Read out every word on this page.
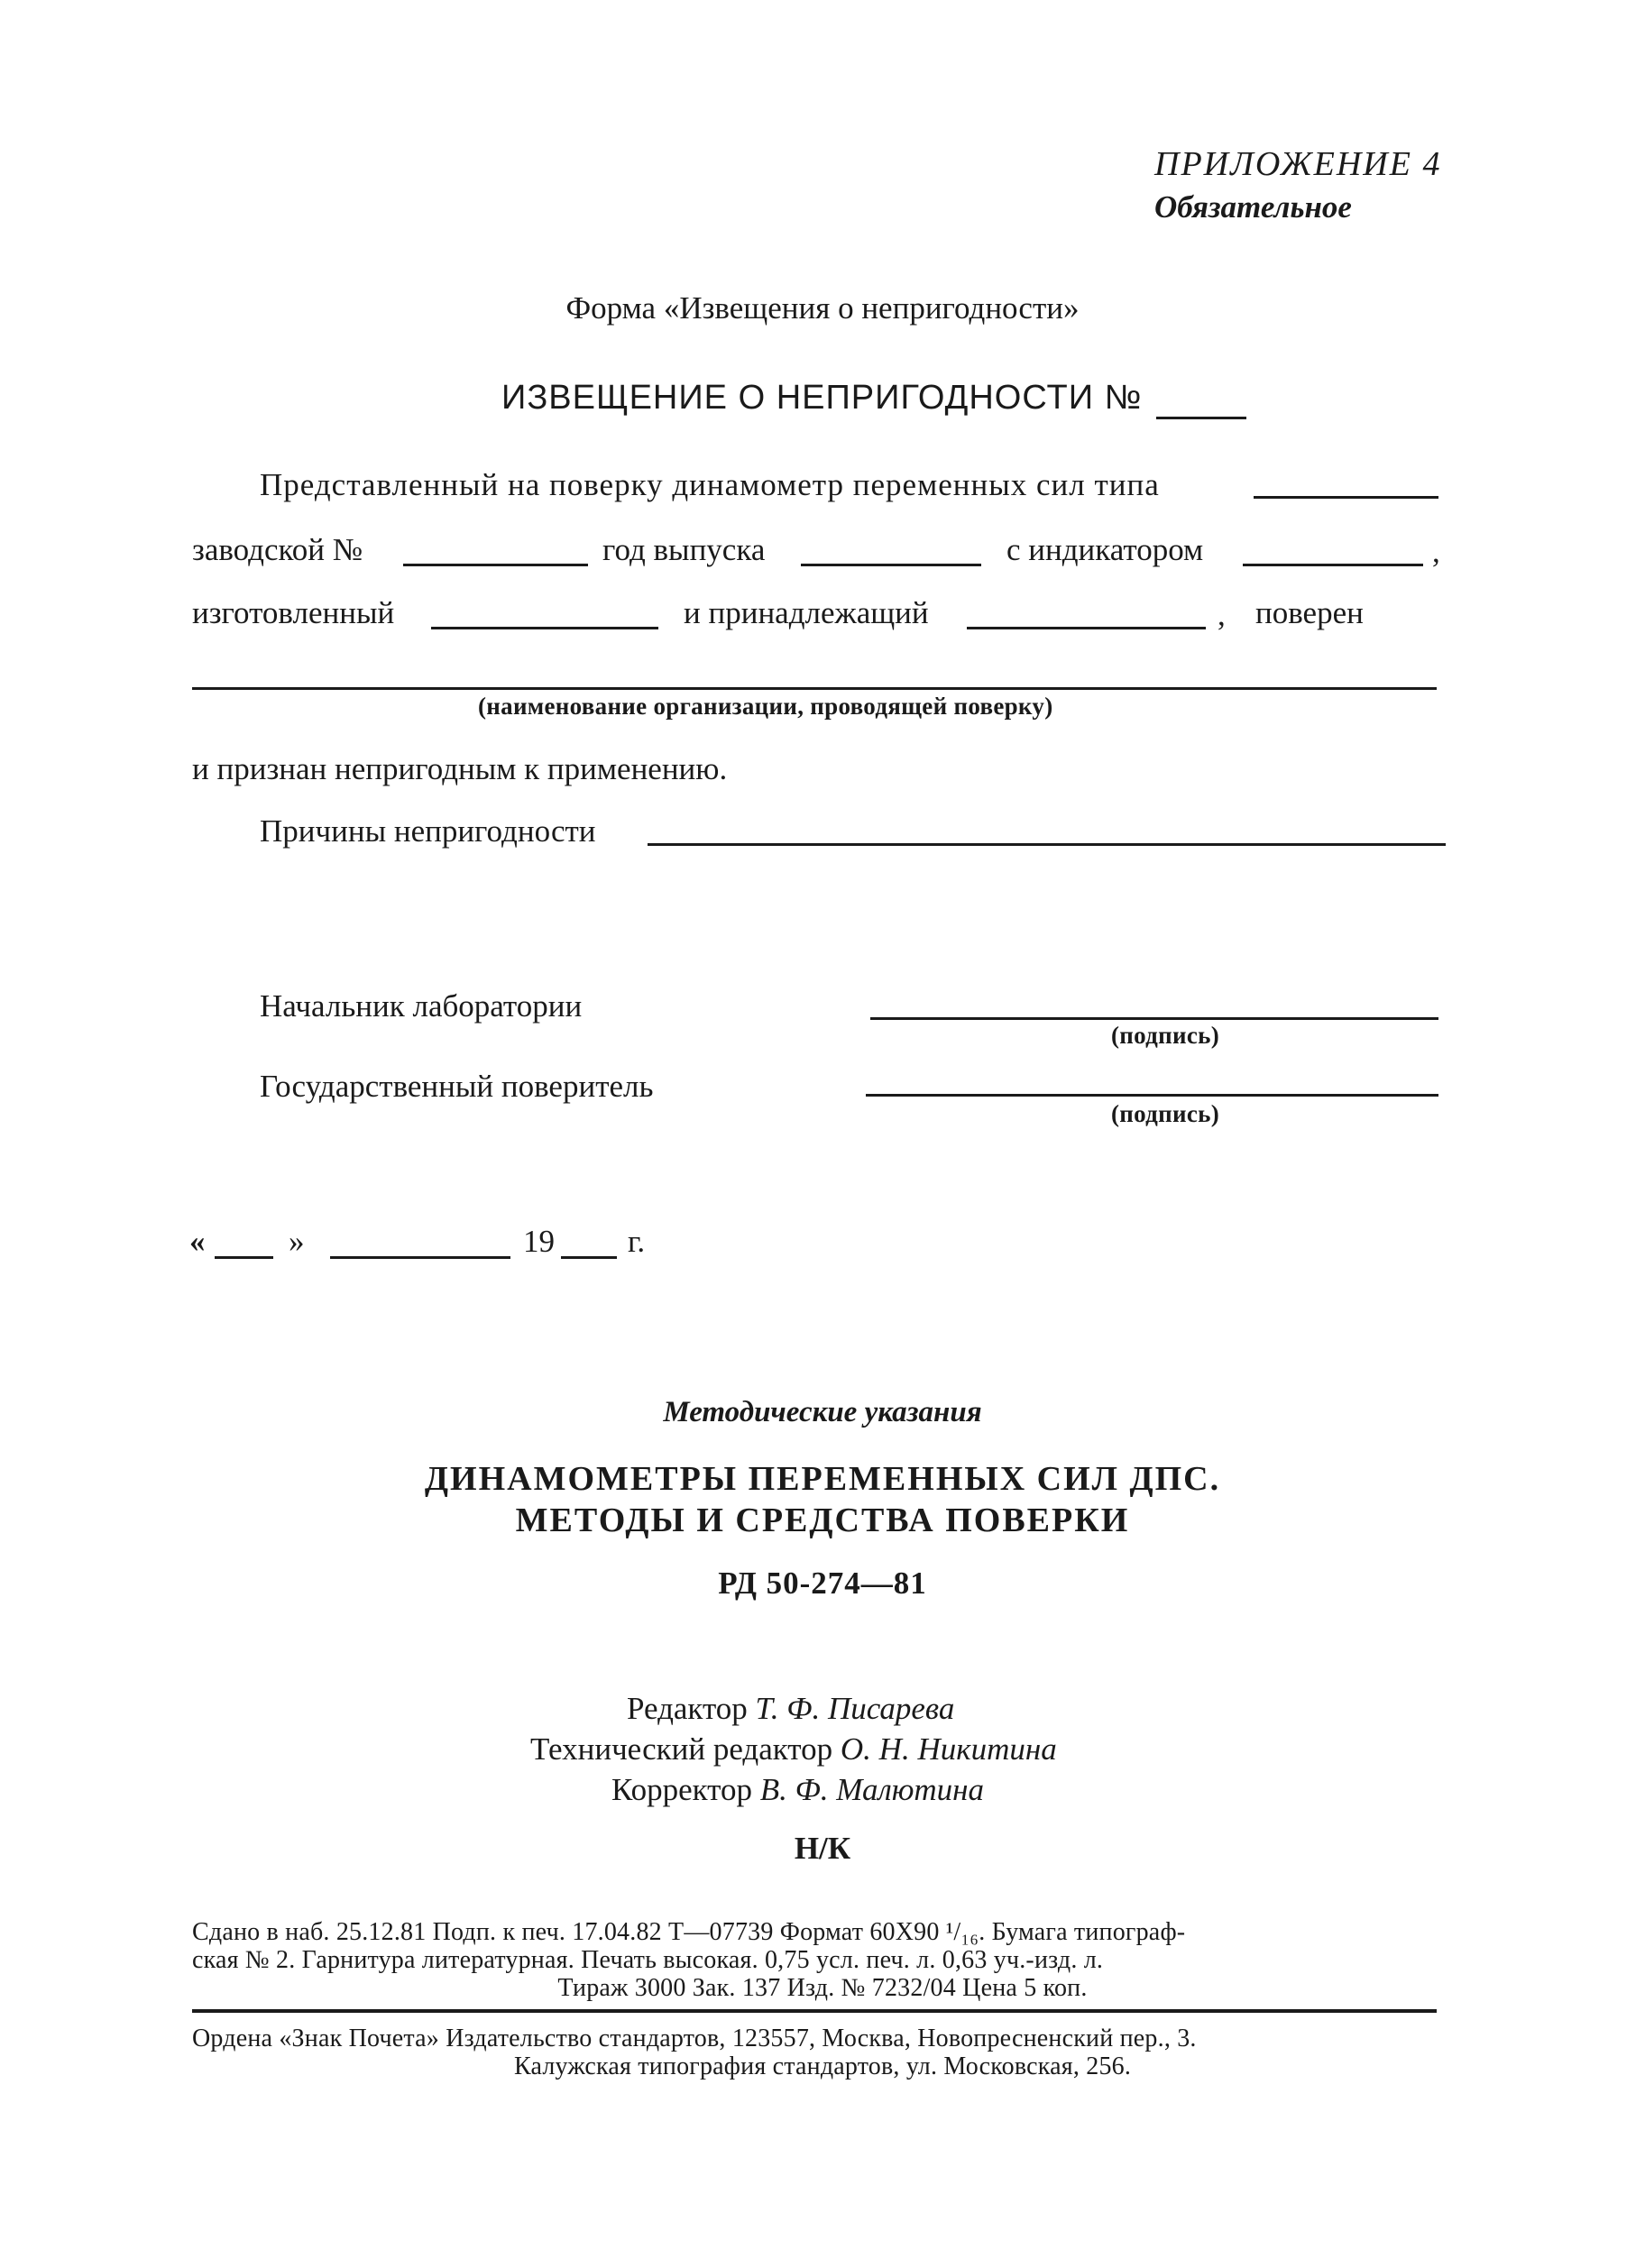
ПРИЛОЖЕНИЕ 4
Обязательное
Форма «Извещения о непригодности»
ИЗВЕЩЕНИЕ О НЕПРИГОДНОСТИ №
Представленный на поверку динамометр переменных сил типа
заводской №	год выпуска	с индикатором	,
изготовленный	и принадлежащий	, поверен
(наименование организации, проводящей поверку)
и признан непригодным к применению.
Причины непригодности
Начальник лаборатории
(подпись)
Государственный поверитель
(подпись)
«	»	19 г.
Методические указания
ДИНАМОМЕТРЫ ПЕРЕМЕННЫХ СИЛ ДПС.
МЕТОДЫ И СРЕДСТВА ПОВЕРКИ
РД 50-274—81
Редактор Т. Ф. Писарева
Технический редактор О. Н. Никитина
Корректор В. Ф. Малютина
Н/К
Сдано в наб. 25.12.81 Подп. к печ. 17.04.82 Т—07739 Формат 60Х90 ¹/₁₆. Бумага типограф-
ская № 2. Гарнитура литературная. Печать высокая. 0,75 усл. печ. л. 0,63 уч.-изд. л.
Тираж 3000 Зак. 137 Изд. № 7232/04 Цена 5 коп.
Ордена «Знак Почета» Издательство стандартов, 123557, Москва, Новопресненский пер., 3.
Калужская типография стандартов, ул. Московская, 256.
